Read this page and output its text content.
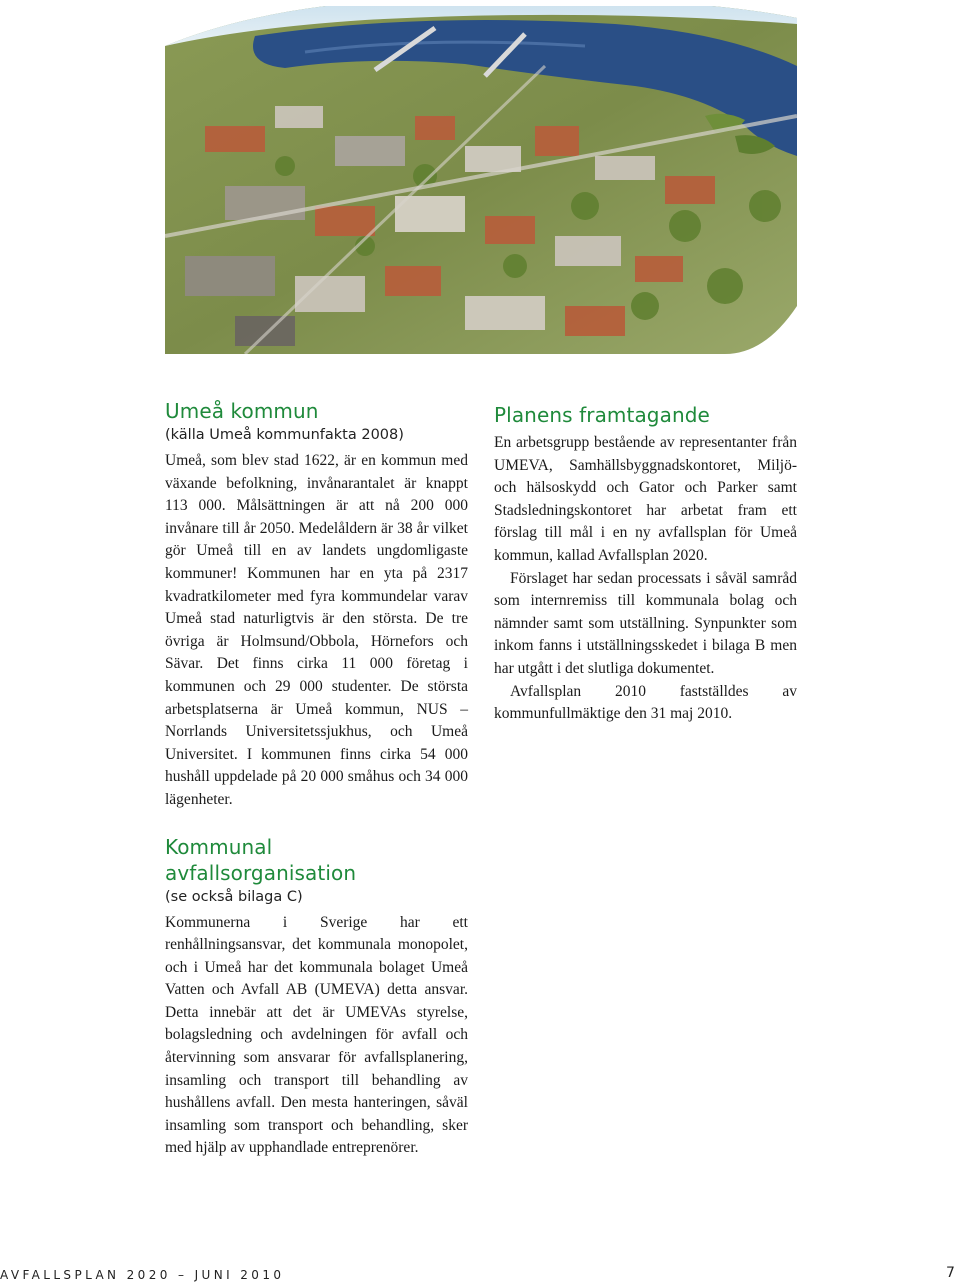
Umeå kommun
(källa Umeå kommunfakta 2008)

Umeå, som blev stad 1622, är en kommun med växande befolkning, invånarantalet är knappt 113 000. Målsättningen är att nå 200 000 invånare till år 2050. Medelåldern är 38 år vilket gör Umeå till en av landets ungdomligaste kommuner! Kommunen har en yta på 2317 kvadratkilometer med fyra kommundelar varav Umeå stad naturligtvis är den största. De tre övriga är Holmsund/Obbola, Hörnefors och Sävar. Det finns cirka 11 000 företag i kommunen och 29 000 studenter. De största arbetsplatserna är Umeå kommun, NUS – Norrlands Universitetssjukhus, och Umeå Universitet. I kommunen finns cirka 54 000 hushåll uppdelade på 20 000 småhus och 34 000 lägenheter.

Kommunal avfallsorganisation
(se också bilaga C)

Kommunerna i Sverige har ett renhållningsansvar, det kommunala monopolet, och i Umeå har det kommunala bolaget Umeå Vatten och Avfall AB (UMEVA) detta ansvar. Detta innebär att det är UMEVAs styrelse, bolagsledning och avdelningen för avfall och återvinning som ansvarar för avfallsplanering, insamling och transport till behandling av hushållens avfall. Den mesta hanteringen, såväl insamling som transport och behandling, sker med hjälp av upphandlade entreprenörer.

Planens framtagande

En arbetsgrupp bestående av representanter från UMEVA, Samhällsbyggnadskontoret, Miljö- och hälsoskydd och Gator och Parker samt Stadsledningskontoret har arbetat fram ett förslag till mål i en ny avfallsplan för Umeå kommun, kallad Avfallsplan 2020.

Förslaget har sedan processats i såväl samråd som internremiss till kommunala bolag och nämnder samt som utställning. Synpunkter som inkom fanns i utställningsskedet i bilaga B men har utgått i det slutliga dokumentet.

Avfallsplan 2010 fastställdes av kommunfullmäktige den 31 maj 2010.

AVFALLSPLAN 2020 – JUNI 2010	7
